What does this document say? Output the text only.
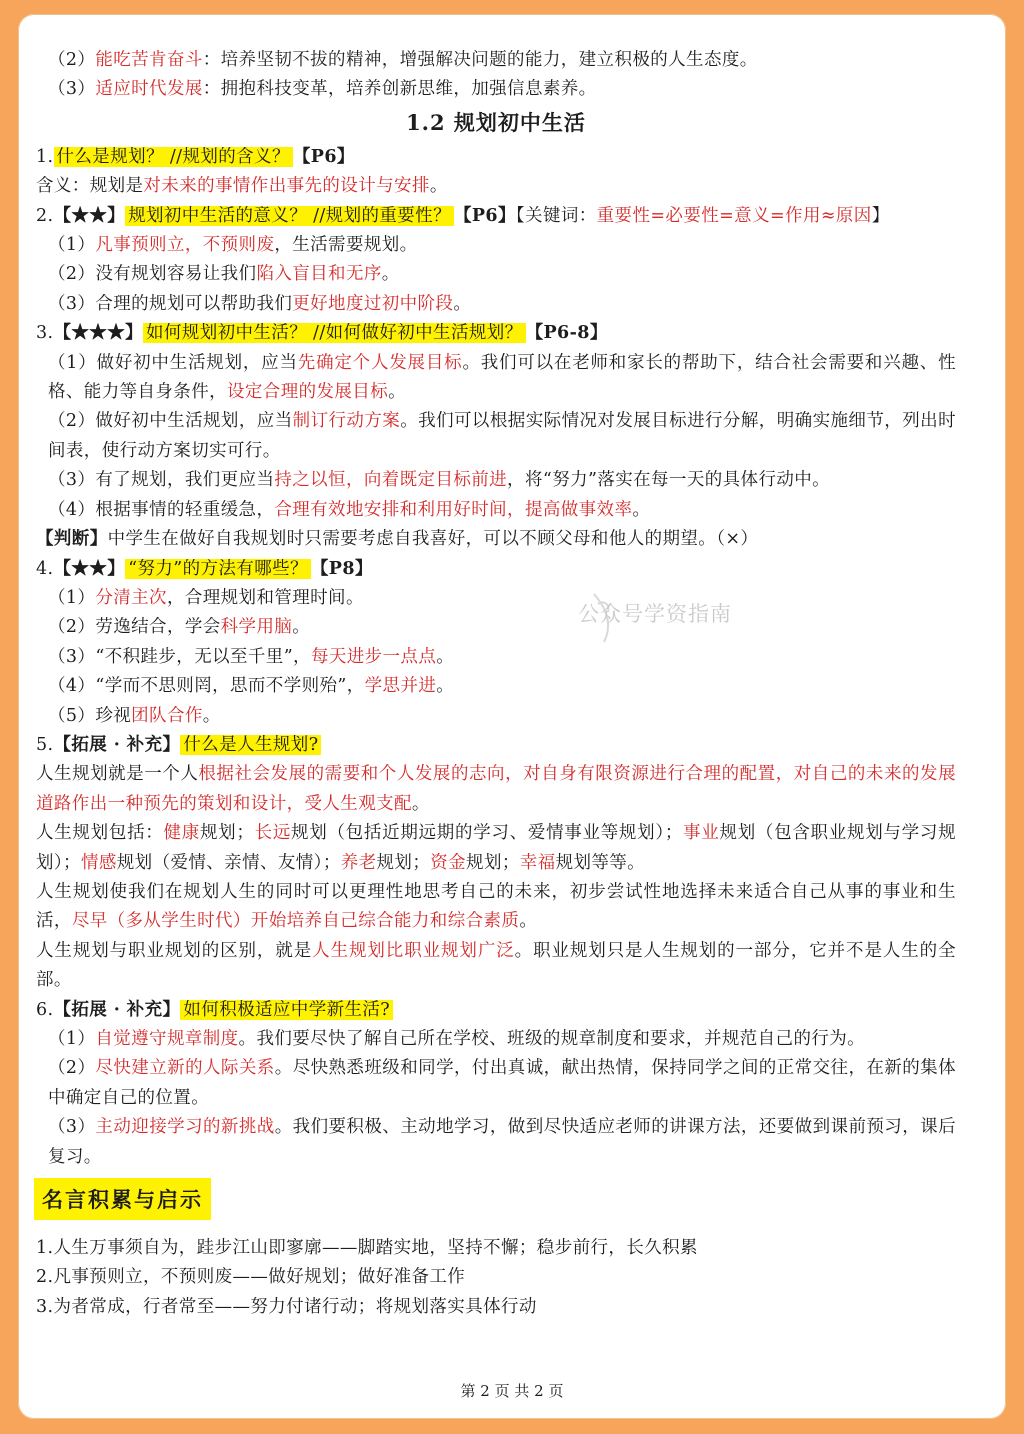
（2）能吃苦肯奋斗：培养坚韧不拔的精神，增强解决问题的能力，建立积极的人生态度。
（3）适应时代发展：拥抱科技变革，培养创新思维，加强信息素养。
1.2 规划初中生活
1. 什么是规划？ //规划的含义？ 【P6】
含义：规划是对未来的事情作出事先的设计与安排。
2.【★★】 规划初中生活的意义？ //规划的重要性？ 【P6】【关键词：重要性=必要性=意义=作用≈原因】
（1）凡事预则立，不预则废，生活需要规划。
（2）没有规划容易让我们陷入盲目和无序。
（3）合理的规划可以帮助我们更好地度过初中阶段。
3.【★★★】 如何规划初中生活？ //如何做好初中生活规划？ 【P6-8】
（1）做好初中生活规划，应当先确定个人发展目标。我们可以在老师和家长的帮助下，结合社会需要和兴趣、性格、能力等自身条件，设定合理的发展目标。
（2）做好初中生活规划，应当制订行动方案。我们可以根据实际情况对发展目标进行分解，明确实施细节，列出时间表，使行动方案切实可行。
（3）有了规划，我们更应当持之以恒，向着既定目标前进，将“努力”落实在每一天的具体行动中。
（4）根据事情的轻重缓急，合理有效地安排和利用好时间，提高做事效率。
【判断】中学生在做好自我规划时只需要考虑自我喜好，可以不顾父母和他人的期望。（×）
4.【★★】 “努力”的方法有哪些？ 【P8】
（1）分清主次，合理规划和管理时间。
（2）劳逸结合，学会科学用脑。
（3）“不积跬步，无以至千里”，每天进步一点点。
（4）“学而不思则罔，思而不学则殆”，学思并进。
（5）珍视团队合作。
5.【拓展 · 补充】 什么是人生规划?
人生规划就是一个人根据社会发展的需要和个人发展的志向，对自身有限资源进行合理的配置，对自己的未来的发展道路作出一种预先的策划和设计，受人生观支配。
人生规划包括：健康规划；长远规划（包括近期远期的学习、爱情事业等规划）；事业规划（包含职业规划与学习规划）；情感规划（爱情、亲情、友情）；养老规划；资金规划；幸福规划等等。
人生规划使我们在规划人生的同时可以更理性地思考自己的未来，初步尝试性地选择未来适合自己从事的事业和生活，尽早（多从学生时代）开始培养自己综合能力和综合素质。
人生规划与职业规划的区别，就是人生规划比职业规划广泛。职业规划只是人生规划的一部分，它并不是人生的全部。
6.【拓展 · 补充】 如何积极适应中学新生活?
（1）自觉遵守规章制度。我们要尽快了解自己所在学校、班级的规章制度和要求，并规范自己的行为。
（2）尽快建立新的人际关系。尽快熟悉班级和同学，付出真诚，献出热情，保持同学之间的正常交往，在新的集体中确定自己的位置。
（3）主动迎接学习的新挑战。我们要积极、主动地学习，做到尽快适应老师的讲课方法，还要做到课前预习，课后复习。
名言积累与启示
1.人生万事须自为，跬步江山即寥廓——脚踏实地，坚持不懈；稳步前行，长久积累
2.凡事预则立，不预则废——做好规划；做好准备工作
3.为者常成，行者常至——努力付诸行动；将规划落实具体行动
公众号学资指南
第 2 页 共 2 页
